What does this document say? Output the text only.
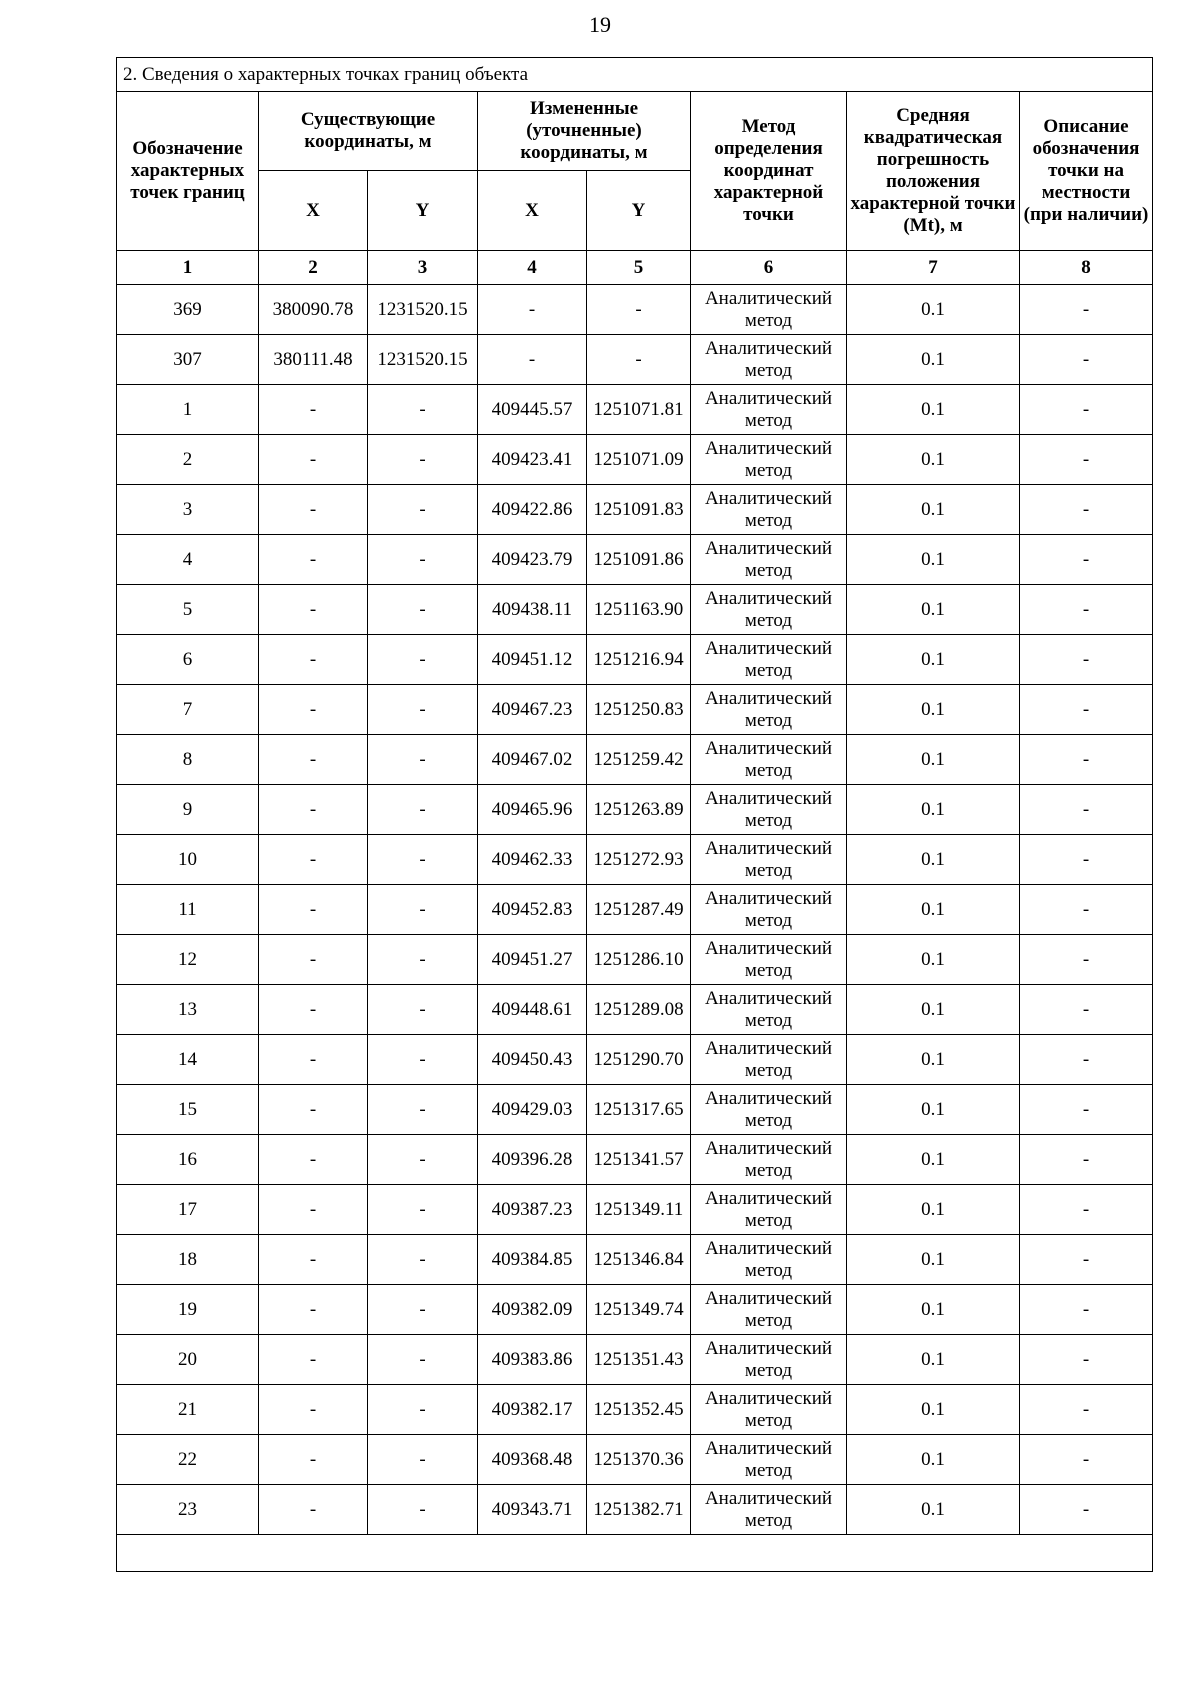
19
2. Сведения о характерных точках границ объекта							
Обозначение характерных точек границ	Существующие координаты, м		Измененные (уточненные) координаты, м		Метод определения координат характерной точки	Средняя квадратическая погрешность положения характерной точки (Mt), м	Описание обозначения точки на местности (при наличии)
	X	Y	X	Y			
1	2	3	4	5	6	7	8
369	380090.78	1231520.15	-	-	Аналитический метод	0.1	-
307	380111.48	1231520.15	-	-	Аналитический метод	0.1	-
1	-	-	409445.57	1251071.81	Аналитический метод	0.1	-
2	-	-	409423.41	1251071.09	Аналитический метод	0.1	-
3	-	-	409422.86	1251091.83	Аналитический метод	0.1	-
4	-	-	409423.79	1251091.86	Аналитический метод	0.1	-
5	-	-	409438.11	1251163.90	Аналитический метод	0.1	-
6	-	-	409451.12	1251216.94	Аналитический метод	0.1	-
7	-	-	409467.23	1251250.83	Аналитический метод	0.1	-
8	-	-	409467.02	1251259.42	Аналитический метод	0.1	-
9	-	-	409465.96	1251263.89	Аналитический метод	0.1	-
10	-	-	409462.33	1251272.93	Аналитический метод	0.1	-
11	-	-	409452.83	1251287.49	Аналитический метод	0.1	-
12	-	-	409451.27	1251286.10	Аналитический метод	0.1	-
13	-	-	409448.61	1251289.08	Аналитический метод	0.1	-
14	-	-	409450.43	1251290.70	Аналитический метод	0.1	-
15	-	-	409429.03	1251317.65	Аналитический метод	0.1	-
16	-	-	409396.28	1251341.57	Аналитический метод	0.1	-
17	-	-	409387.23	1251349.11	Аналитический метод	0.1	-
18	-	-	409384.85	1251346.84	Аналитический метод	0.1	-
19	-	-	409382.09	1251349.74	Аналитический метод	0.1	-
20	-	-	409383.86	1251351.43	Аналитический метод	0.1	-
21	-	-	409382.17	1251352.45	Аналитический метод	0.1	-
22	-	-	409368.48	1251370.36	Аналитический метод	0.1	-
23	-	-	409343.71	1251382.71	Аналитический метод	0.1	-
